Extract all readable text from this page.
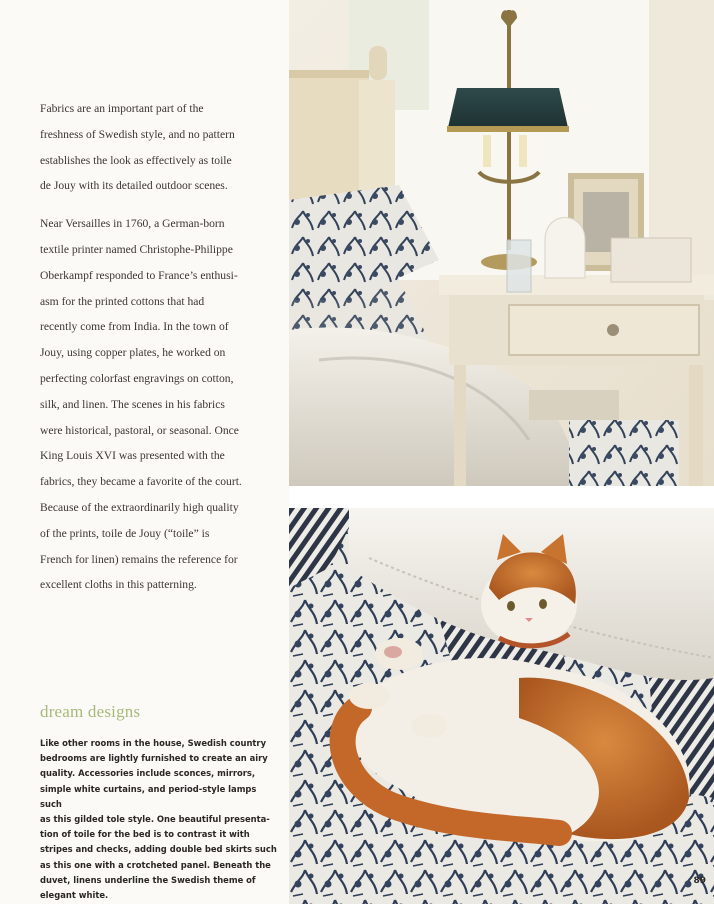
Fabrics are an important part of the
freshness of Swedish style, and no pattern
establishes the look as effectively as toile
de Jouy with its detailed outdoor scenes.

Near Versailles in 1760, a German-born
textile printer named Christophe-Philippe
Oberkampf responded to France’s enthusi-
asm for the printed cottons that had
recently come from India. In the town of
Jouy, using copper plates, he worked on
perfecting colorfast engravings on cotton,
silk, and linen. The scenes in his fabrics
were historical, pastoral, or seasonal. Once
King Louis XVI was presented with the
fabrics, they became a favorite of the court.
Because of the extraordinarily high quality
of the prints, toile de Jouy (“toile” is
French for linen) remains the reference for
excellent cloths in this patterning.

dream designs
Like other rooms in the house, Swedish country
bedrooms are lightly furnished to create an airy
quality. Accessories include sconces, mirrors,
simple white curtains, and period-style lamps such
as this gilded tole style. One beautiful presenta-
tion of toile for the bed is to contrast it with
stripes and checks, adding double bed skirts such
as this one with a crotcheted panel. Beneath the
duvet, linens underline the Swedish theme of
elegant white.
89
